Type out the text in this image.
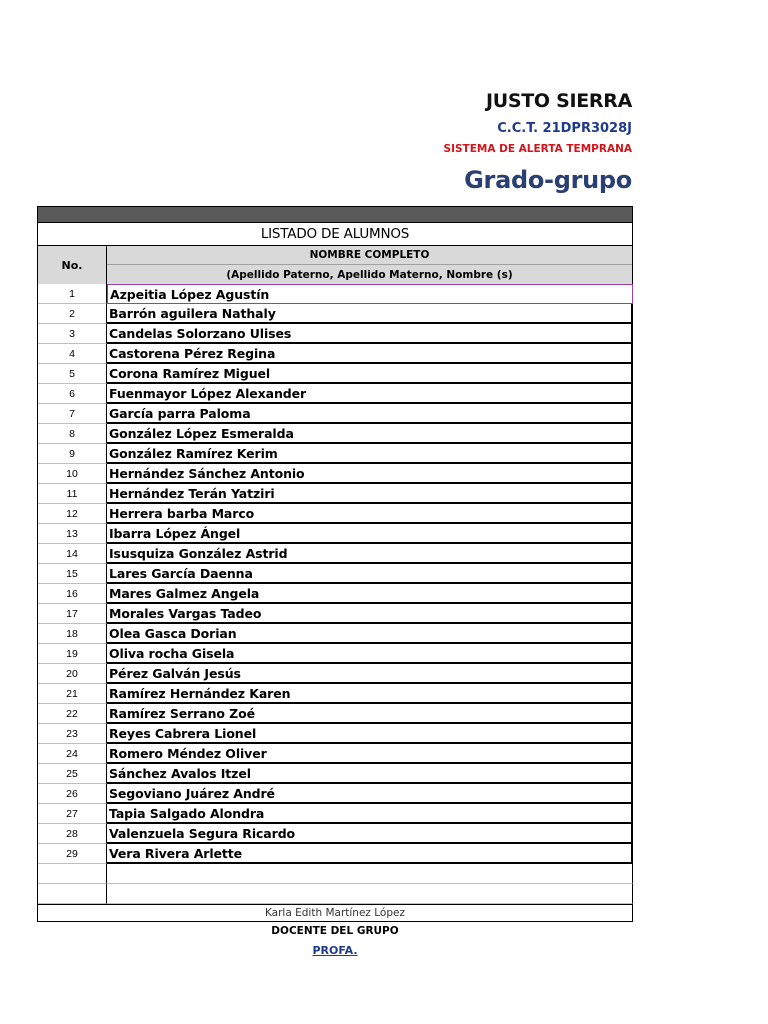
JUSTO SIERRA
C.C.T. 21DPR3028J
SISTEMA DE ALERTA TEMPRANA
Grado-grupo
LISTADO DE ALUMNOS
No.
NOMBRE COMPLETO
(Apellido Paterno, Apellido Materno, Nombre (s)
1	Azpeitia López Agustín
2	Barrón aguilera Nathaly
3	Candelas Solorzano Ulises
4	Castorena Pérez Regina
5	Corona Ramírez Miguel
6	Fuenmayor López Alexander
7	García parra Paloma
8	González López Esmeralda
9	González Ramírez Kerim
10	Hernández Sánchez Antonio
11	Hernández Terán Yatziri
12	Herrera barba Marco
13	Ibarra López Ángel
14	Isusquiza González Astrid
15	Lares García Daenna
16	Mares Galmez Angela
17	Morales Vargas Tadeo
18	Olea Gasca Dorian
19	Oliva rocha Gisela
20	Pérez Galván Jesús
21	Ramírez Hernández Karen
22	Ramírez Serrano Zoé
23	Reyes Cabrera Lionel
24	Romero Méndez Oliver
25	Sánchez Avalos Itzel
26	Segoviano Juárez André
27	Tapia Salgado Alondra
28	Valenzuela Segura Ricardo
29	Vera Rivera Arlette
Karla Edith Martínez López
DOCENTE DEL GRUPO
PROFA.
